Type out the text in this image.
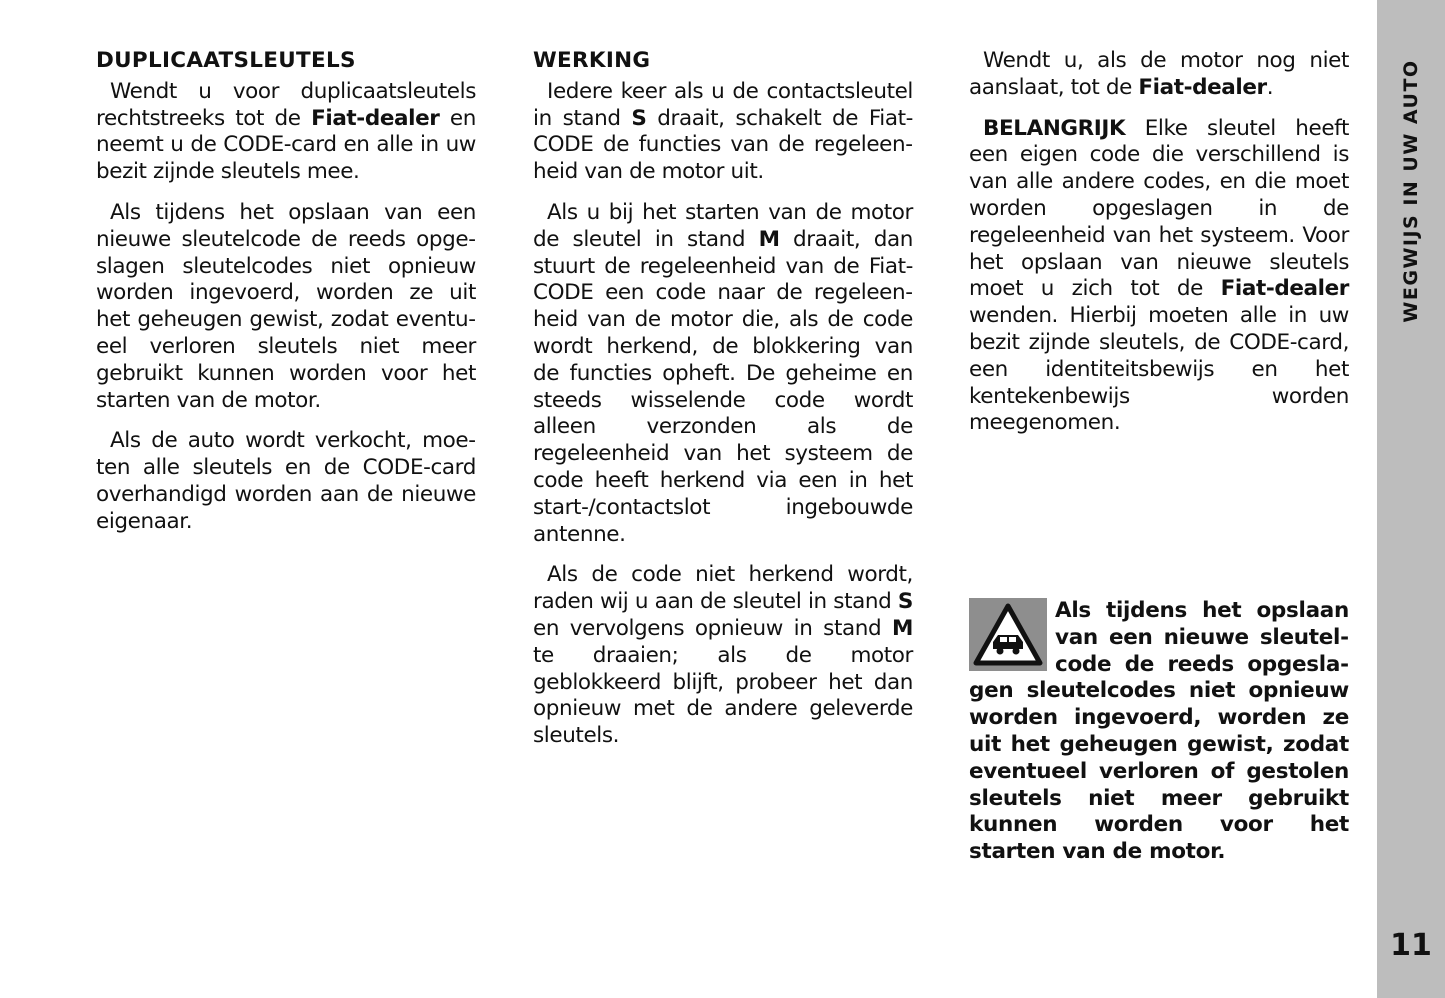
WEGWIJS IN UW AUTO
11
DUPLICAATSLEUTELS

Wendt u voor duplicaatsleutels rechtstreeks tot de Fiat-dealer en neemt u de CODE-card en alle in uw bezit zijnde sleutels mee.

Als tijdens het opslaan van een nieuwe sleutelcode de reeds opgeslagen sleutelcodes niet opnieuw worden ingevoerd, worden ze uit het geheugen gewist, zodat eventueel verloren sleutels niet meer gebruikt kunnen worden voor het starten van de motor.

Als de auto wordt verkocht, moeten alle sleutels en de CODE-card overhandigd worden aan de nieuwe eigenaar.

WERKING

Iedere keer als u de contactsleutel in stand S draait, schakelt de Fiat-CODE de functies van de regeleenheid van de motor uit.

Als u bij het starten van de motor de sleutel in stand M draait, dan stuurt de regeleenheid van de Fiat-CODE een code naar de regeleenheid van de motor die, als de code wordt herkend, de blokkering van de functies opheft. De geheime en steeds wisselende code wordt alleen verzonden als de regeleenheid van het systeem de code heeft herkend via een in het start-/contactslot ingebouwde antenne.

Als de code niet herkend wordt, raden wij u aan de sleutel in stand S en vervolgens opnieuw in stand M te draaien; als de motor geblokkeerd blijft, probeer het dan opnieuw met de andere geleverde sleutels.

Wendt u, als de motor nog niet aanslaat, tot de Fiat-dealer.

BELANGRIJK Elke sleutel heeft een eigen code die verschillend is van alle andere codes, en die moet worden opgeslagen in de regeleenheid van het systeem. Voor het opslaan van nieuwe sleutels moet u zich tot de Fiat-dealer wenden. Hierbij moeten alle in uw bezit zijnde sleutels, de CODE-card, een identiteitsbewijs en het kentekenbewijs worden meegenomen.

Als tijdens het opslaan van een nieuwe sleutelcode de reeds opgeslagen sleutelcodes niet opnieuw worden ingevoerd, worden ze uit het geheugen gewist, zodat eventueel verloren of gestolen sleutels niet meer gebruikt kunnen worden voor het starten van de motor.
